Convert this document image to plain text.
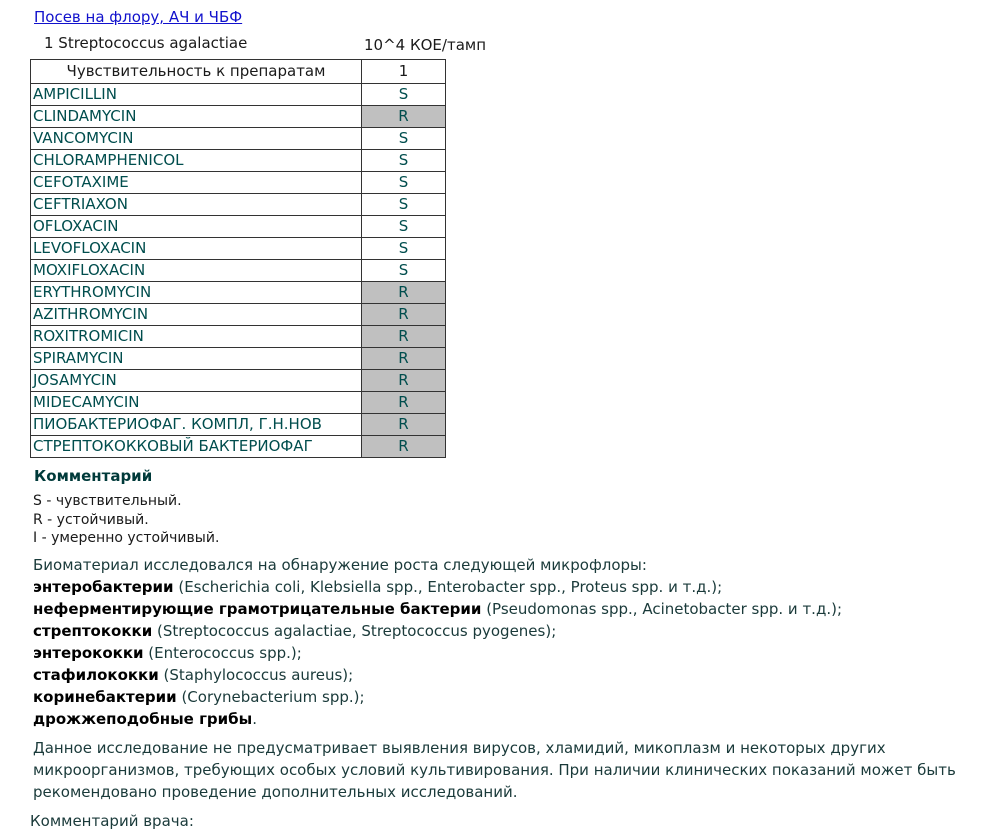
Посев на флору, АЧ и ЧБФ
1 Streptococcus agalactiae	10^4 КОЕ/тамп
Чувствительность к препаратам	1
AMPICILLIN	S
CLINDAMYCIN	R
VANCOMYCIN	S
CHLORAMPHENICOL	S
CEFOTAXIME	S
CEFTRIAXON	S
OFLOXACIN	S
LEVOFLOXACIN	S
MOXIFLOXACIN	S
ERYTHROMYCIN	R
AZITHROMYCIN	R
ROXITROMICIN	R
SPIRAMYCIN	R
JOSAMYCIN	R
MIDECAMYCIN	R
ПИОБАКТЕРИОФАГ. КОМПЛ, Г.Н.НОВ	R
СТРЕПТОКОККОВЫЙ БАКТЕРИОФАГ	R
Комментарий
S - чувствительный.
R - устойчивый.
I - умеренно устойчивый.
Биоматериал исследовался на обнаружение роста следующей микрофлоры:
энтеробактерии (Escherichia coli, Klebsiella spp., Enterobacter spp., Proteus spp. и т.д.);
неферментирующие грамотрицательные бактерии (Pseudomonas spp., Acinetobacter spp. и т.д.);
стрептококки (Streptococcus agalactiae, Streptococcus pyogenes);
энтерококки (Enterococcus spp.);
стафилококки (Staphylococcus aureus);
коринебактерии (Corynebacterium spp.);
дрожжеподобные грибы.
Данное исследование не предусматривает выявления вирусов, хламидий, микоплазм и некоторых других микроорганизмов, требующих особых условий культивирования. При наличии клинических показаний может быть рекомендовано проведение дополнительных исследований.
Комментарий врача:
